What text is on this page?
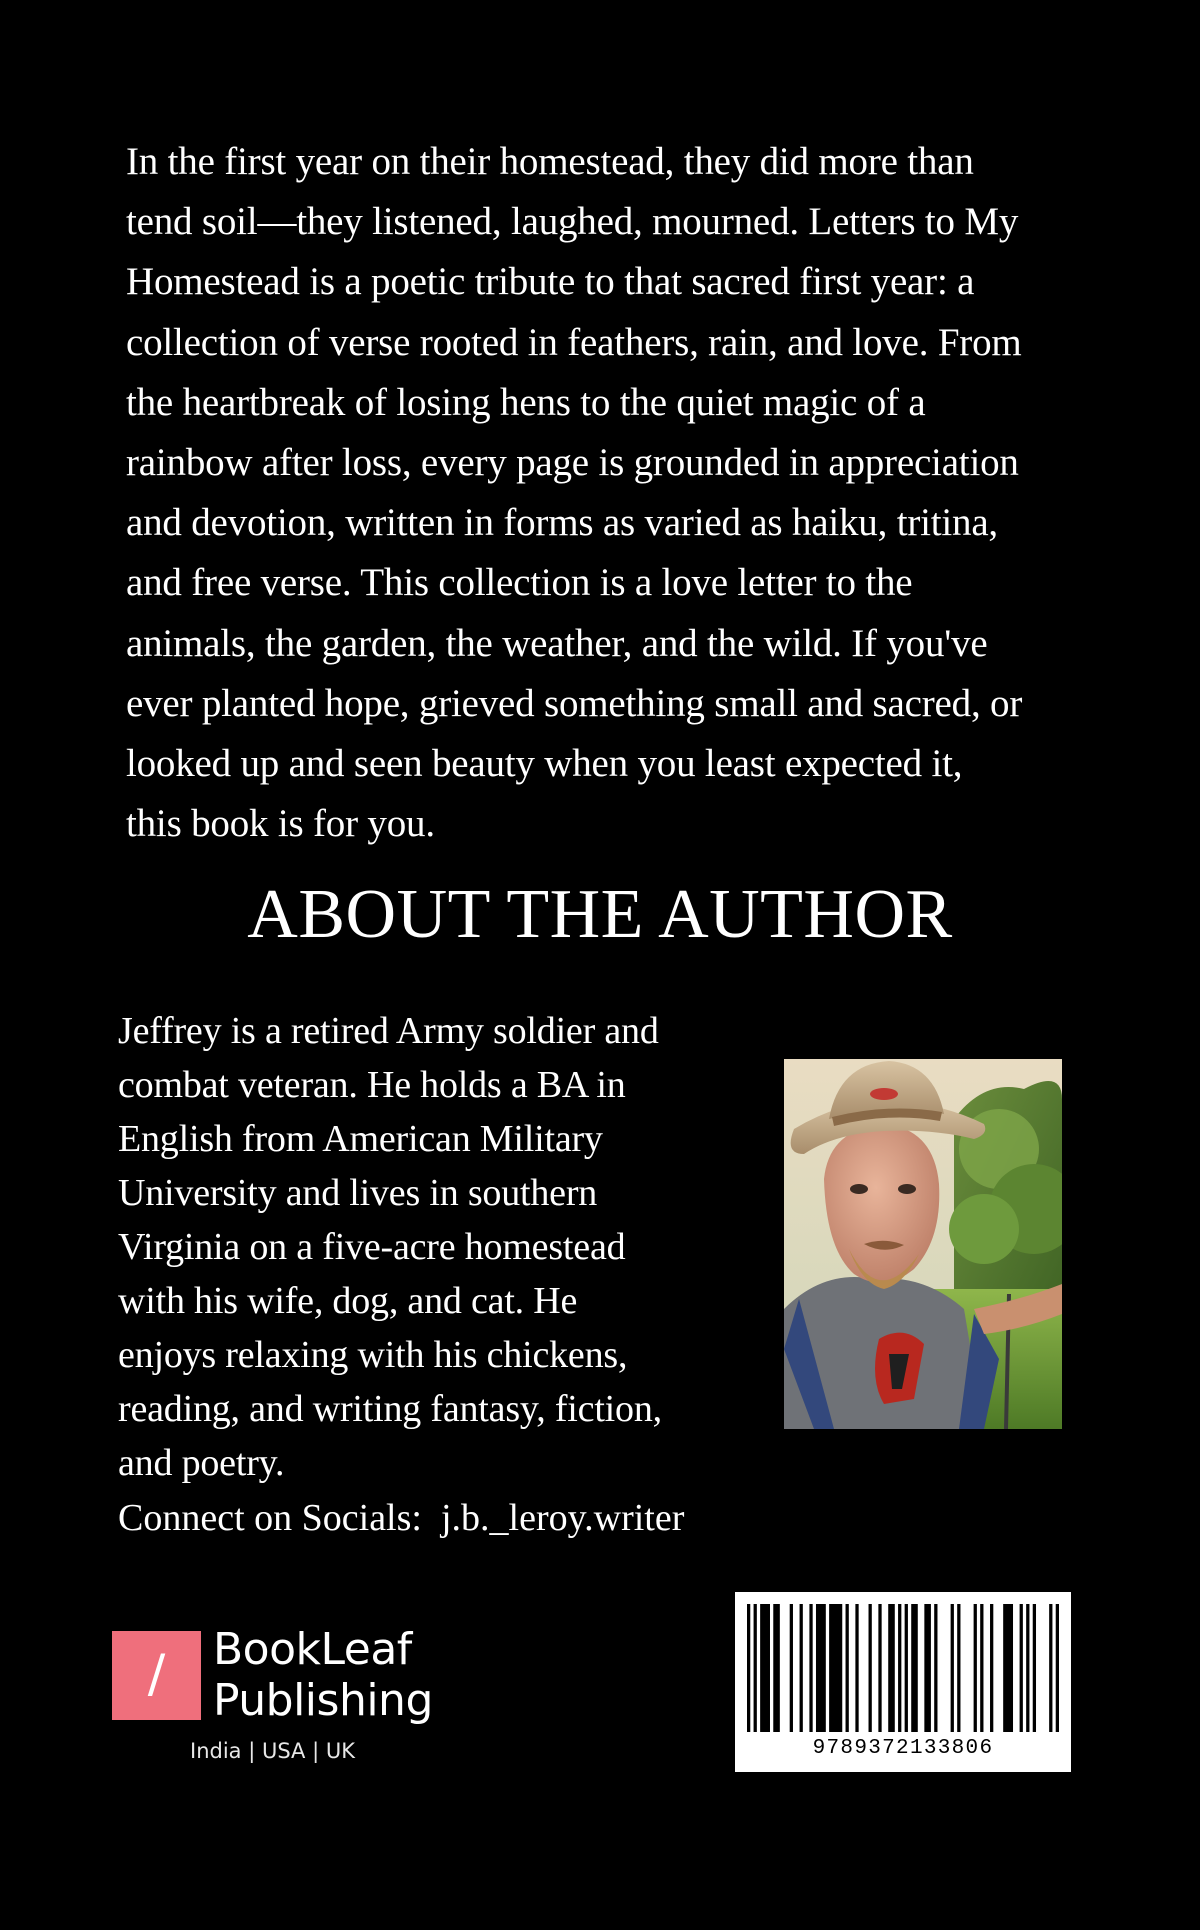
In the first year on their homestead, they did more than
tend soil—they listened, laughed, mourned. Letters to My
Homestead is a poetic tribute to that sacred first year: a
collection of verse rooted in feathers, rain, and love. From
the heartbreak of losing hens to the quiet magic of a
rainbow after loss, every page is grounded in appreciation
and devotion, written in forms as varied as haiku, tritina,
and free verse. This collection is a love letter to the
animals, the garden, the weather, and the wild. If you've
ever planted hope, grieved something small and sacred, or
looked up and seen beauty when you least expected it,
this book is for you.
ABOUT THE AUTHOR
Jeffrey is a retired Army soldier and
combat veteran. He holds a BA in
English from American Military
University and lives in southern
Virginia on a five-acre homestead
with his wife, dog, and cat. He
enjoys relaxing with his chickens,
reading, and writing fantasy, fiction,
and poetry.
Connect on Socials:  j.b._leroy.writer
/	BookLeaf
Publishing
India | USA | UK	9789372133806
